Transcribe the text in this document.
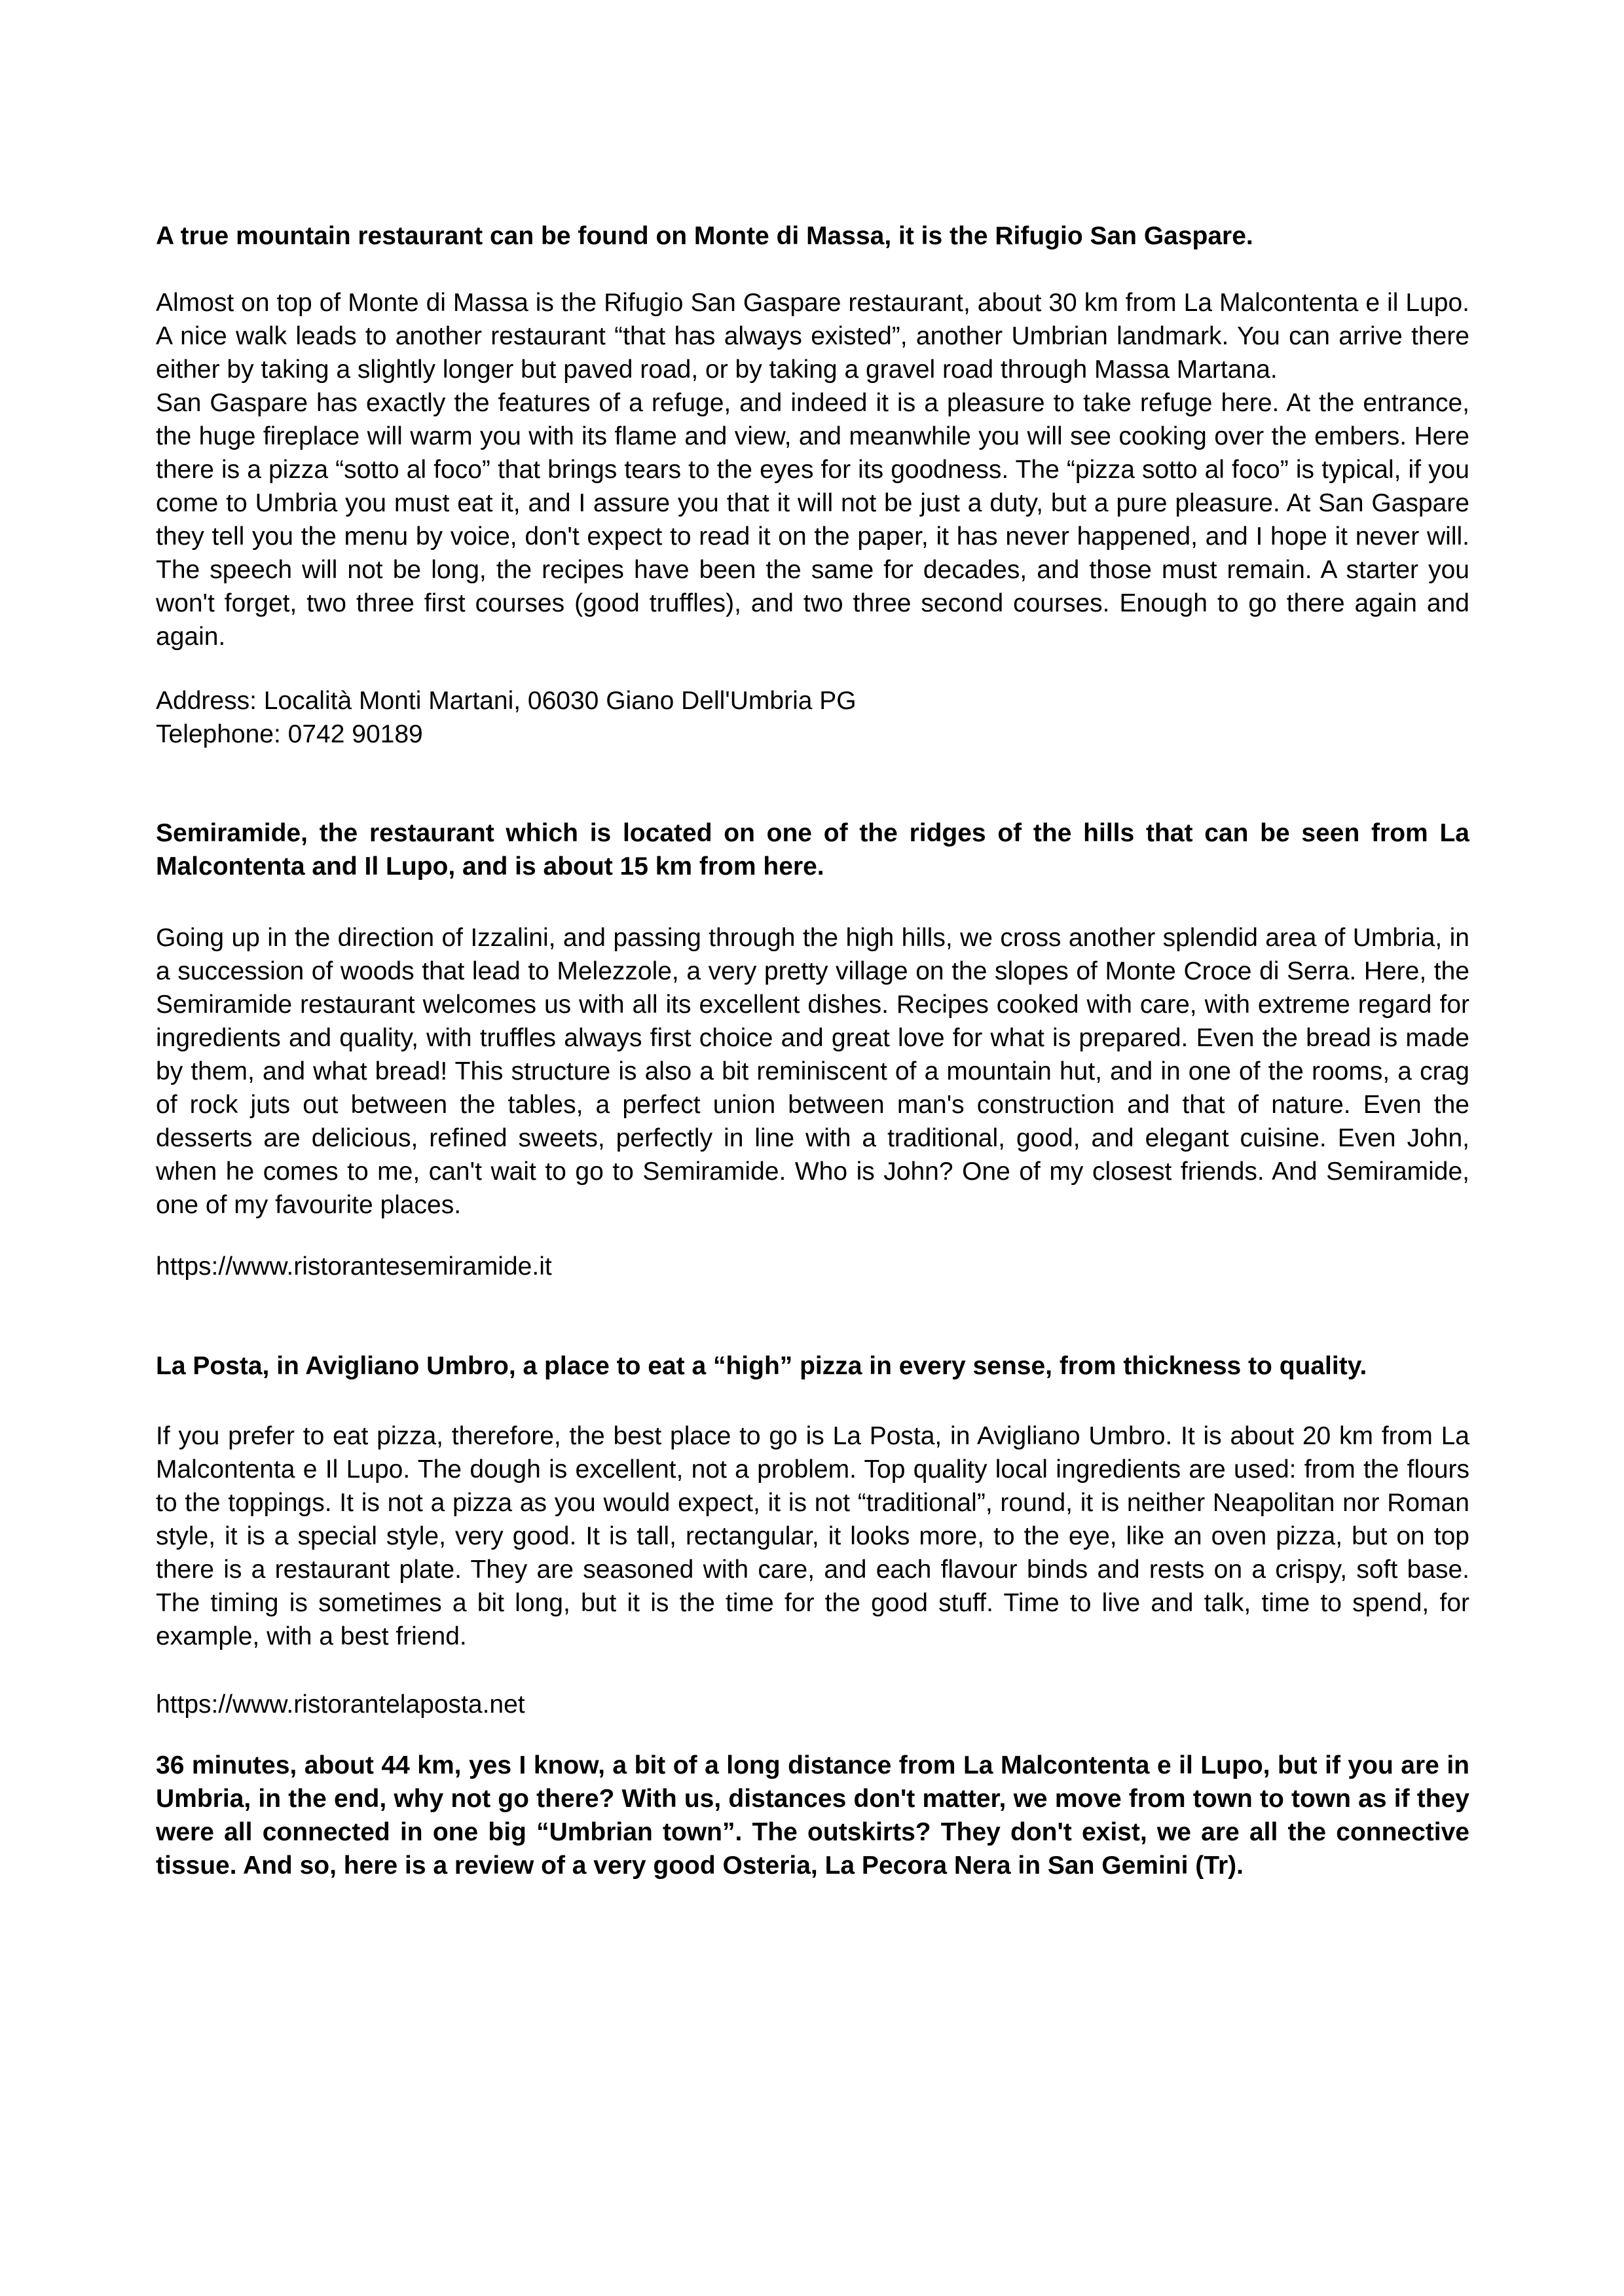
A true mountain restaurant can be found on Monte di Massa, it is the Rifugio San Gaspare.

Almost on top of Monte di Massa is the Rifugio San Gaspare restaurant, about 30 km from La Malcontenta e il Lupo. A nice walk leads to another restaurant “that has always existed”, another Umbrian landmark. You can arrive there either by taking a slightly longer but paved road, or by taking a gravel road through Massa Martana.

San Gaspare has exactly the features of a refuge, and indeed it is a pleasure to take refuge here. At the entrance, the huge fireplace will warm you with its flame and view, and meanwhile you will see cooking over the embers. Here there is a pizza “sotto al foco” that brings tears to the eyes for its goodness. The “pizza sotto al foco” is typical, if you come to Umbria you must eat it, and I assure you that it will not be just a duty, but a pure pleasure. At San Gaspare they tell you the menu by voice, don't expect to read it on the paper, it has never happened, and I hope it never will. The speech will not be long, the recipes have been the same for decades, and those must remain. A starter you won't forget, two three first courses (good truffles), and two three second courses. Enough to go there again and again.

Address: Località Monti Martani, 06030 Giano Dell'Umbria PG

Telephone: 0742 90189

Semiramide, the restaurant which is located on one of the ridges of the hills that can be seen from La Malcontenta and Il Lupo, and is about 15 km from here.

Going up in the direction of Izzalini, and passing through the high hills, we cross another splendid area of Umbria, in a succession of woods that lead to Melezzole, a very pretty village on the slopes of Monte Croce di Serra. Here, the Semiramide restaurant welcomes us with all its excellent dishes. Recipes cooked with care, with extreme regard for ingredients and quality, with truffles always first choice and great love for what is prepared. Even the bread is made by them, and what bread! This structure is also a bit reminiscent of a mountain hut, and in one of the rooms, a crag of rock juts out between the tables, a perfect union between man's construction and that of nature. Even the desserts are delicious, refined sweets, perfectly in line with a traditional, good, and elegant cuisine. Even John, when he comes to me, can't wait to go to Semiramide. Who is John? One of my closest friends. And Semiramide, one of my favourite places.

https://www.ristorantesemiramide.it

La Posta, in Avigliano Umbro, a place to eat a “high” pizza in every sense, from thickness to quality.

If you prefer to eat pizza, therefore, the best place to go is La Posta, in Avigliano Umbro. It is about 20 km from La Malcontenta e Il Lupo. The dough is excellent, not a problem. Top quality local ingredients are used: from the flours to the toppings. It is not a pizza as you would expect, it is not “traditional”, round, it is neither Neapolitan nor Roman style, it is a special style, very good. It is tall, rectangular, it looks more, to the eye, like an oven pizza, but on top there is a restaurant plate. They are seasoned with care, and each flavour binds and rests on a crispy, soft base. The timing is sometimes a bit long, but it is the time for the good stuff. Time to live and talk, time to spend, for example, with a best friend.

https://www.ristorantelaposta.net

36 minutes, about 44 km, yes I know, a bit of a long distance from La Malcontenta e il Lupo, but if you are in Umbria, in the end, why not go there? With us, distances don't matter, we move from town to town as if they were all connected in one big “Umbrian town”. The outskirts? They don't exist, we are all the connective tissue. And so, here is a review of a very good Osteria, La Pecora Nera in San Gemini (Tr).
